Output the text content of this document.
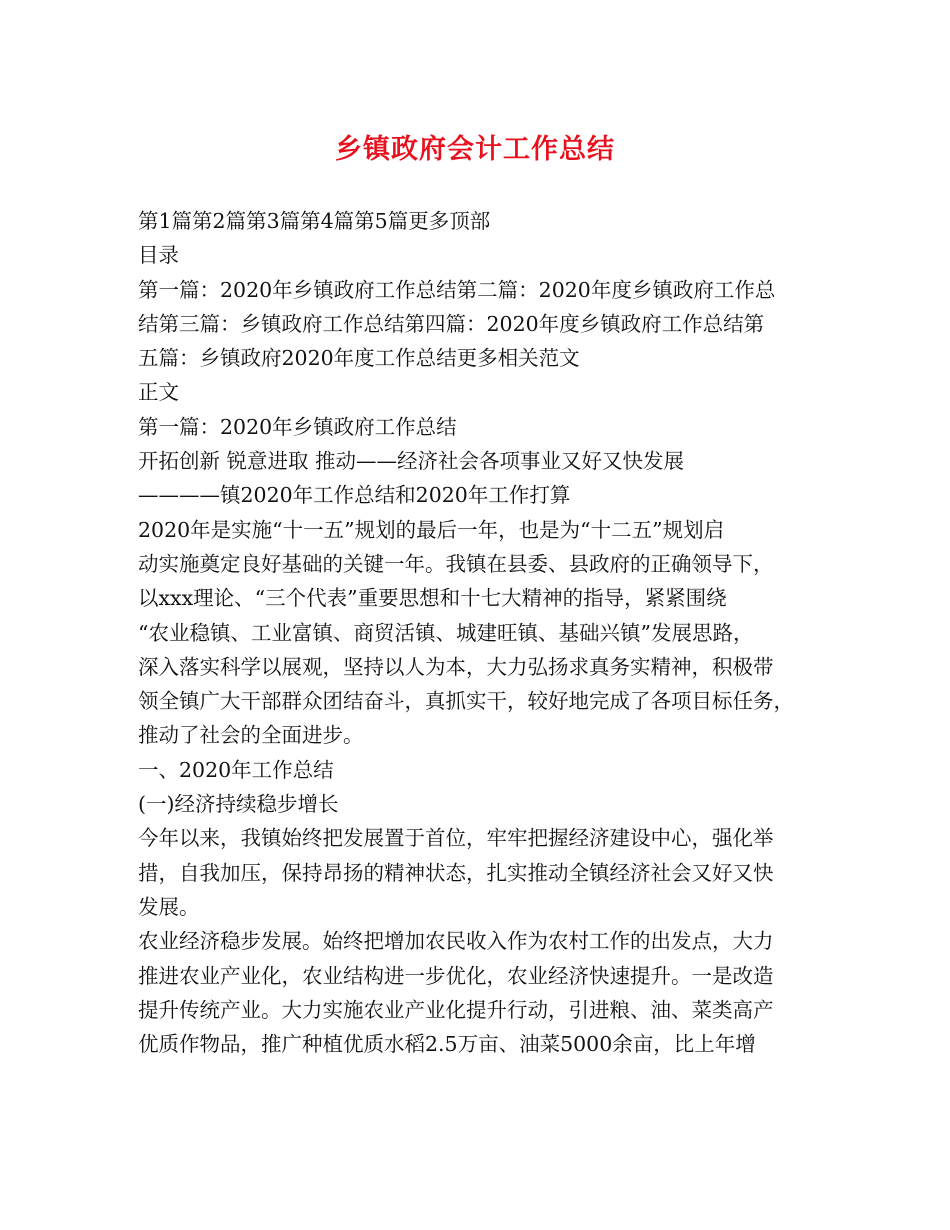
乡镇政府会计工作总结
第1篇第2篇第3篇第4篇第5篇更多顶部
目录
第一篇：2020年乡镇政府工作总结第二篇：2020年度乡镇政府工作总
结第三篇：乡镇政府工作总结第四篇：2020年度乡镇政府工作总结第
五篇：乡镇政府2020年度工作总结更多相关范文
正文
第一篇：2020年乡镇政府工作总结
开拓创新 锐意进取 推动——经济社会各项事业又好又快发展
————镇2020年工作总结和2020年工作打算
2020年是实施“十一五”规划的最后一年，也是为“十二五”规划启
动实施奠定良好基础的关键一年。我镇在县委、县政府的正确领导下，
以xxx理论、“三个代表”重要思想和十七大精神的指导，紧紧围绕
“农业稳镇、工业富镇、商贸活镇、城建旺镇、基础兴镇”发展思路，
深入落实科学以展观，坚持以人为本，大力弘扬求真务实精神，积极带
领全镇广大干部群众团结奋斗，真抓实干，较好地完成了各项目标任务，
推动了社会的全面进步。
一、2020年工作总结
(一)经济持续稳步增长
今年以来，我镇始终把发展置于首位，牢牢把握经济建设中心，强化举
措，自我加压，保持昂扬的精神状态，扎实推动全镇经济社会又好又快
发展。
农业经济稳步发展。始终把增加农民收入作为农村工作的出发点，大力
推进农业产业化，农业结构进一步优化，农业经济快速提升。一是改造
提升传统产业。大力实施农业产业化提升行动，引进粮、油、菜类高产
优质作物品，推广种植优质水稻2.5万亩、油菜5000余亩，比上年增
